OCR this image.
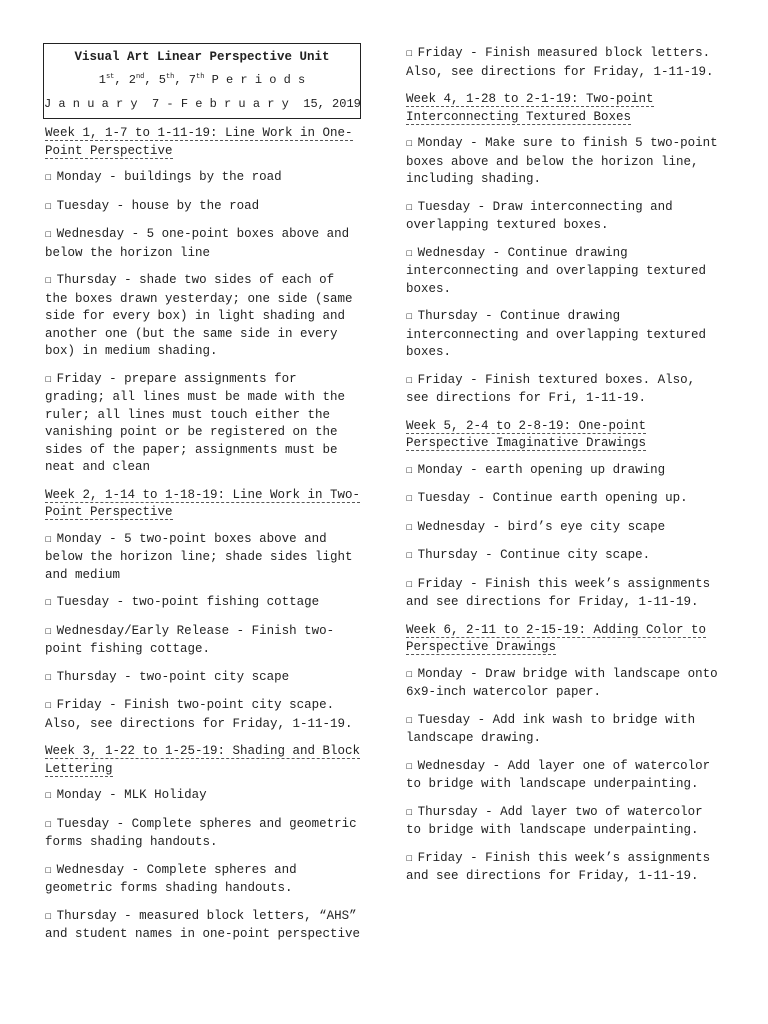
Visual Art Linear Perspective Unit
1st, 2nd, 5th, 7th P e r i o d s
J a n u a r y  7 - F e b r u a r y  15, 2019
Week 1, 1-7 to 1-11-19: Line Work in One-Point Perspective
☐ Monday - buildings by the road
☐ Tuesday - house by the road
☐ Wednesday - 5 one-point boxes above and below the horizon line
☐ Thursday - shade two sides of each of the boxes drawn yesterday; one side (same side for every box) in light shading and another one (but the same side in every box) in medium shading.
☐ Friday - prepare assignments for grading; all lines must be made with the ruler; all lines must touch either the vanishing point or be registered on the sides of the paper; assignments must be neat and clean
Week 2, 1-14 to 1-18-19: Line Work in Two-Point Perspective
☐ Monday - 5 two-point boxes above and below the horizon line; shade sides light and medium
☐ Tuesday - two-point fishing cottage
☐ Wednesday/Early Release - Finish two-point fishing cottage.
☐ Thursday - two-point city scape
☐ Friday - Finish two-point city scape. Also, see directions for Friday, 1-11-19.
Week 3, 1-22 to 1-25-19: Shading and Block Lettering
☐ Monday - MLK Holiday
☐ Tuesday - Complete spheres and geometric forms shading handouts.
☐ Wednesday - Complete spheres and geometric forms shading handouts.
☐ Thursday - measured block letters, “AHS” and student names in one-point perspective
☐ Friday - Finish measured block letters. Also, see directions for Friday, 1-11-19.
Week 4, 1-28 to 2-1-19: Two-point Interconnecting Textured Boxes
☐ Monday - Make sure to finish 5 two-point boxes above and below the horizon line, including shading.
☐ Tuesday - Draw interconnecting and overlapping textured boxes.
☐ Wednesday - Continue drawing interconnecting and overlapping textured boxes.
☐ Thursday - Continue drawing interconnecting and overlapping textured boxes.
☐ Friday - Finish textured boxes. Also, see directions for Fri, 1-11-19.
Week 5, 2-4 to 2-8-19: One-point Perspective Imaginative Drawings
☐ Monday - earth opening up drawing
☐ Tuesday - Continue earth opening up.
☐ Wednesday - bird’s eye city scape
☐ Thursday - Continue city scape.
☐ Friday - Finish this week’s assignments and see directions for Friday, 1-11-19.
Week 6, 2-11 to 2-15-19: Adding Color to Perspective Drawings
☐ Monday - Draw bridge with landscape onto 6x9-inch watercolor paper.
☐ Tuesday - Add ink wash to bridge with landscape drawing.
☐ Wednesday - Add layer one of watercolor to bridge with landscape underpainting.
☐ Thursday - Add layer two of watercolor to bridge with landscape underpainting.
☐ Friday - Finish this week’s assignments and see directions for Friday, 1-11-19.
